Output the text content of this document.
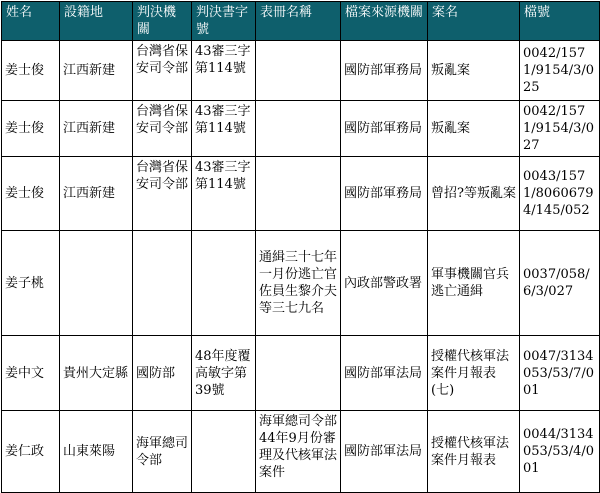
姓名	設籍地	判決機關	判決書字號	表冊名稱	檔案來源機關	案名	檔號
姜士俊	江西新建	台灣省保安司令部	43審三字第114號		國防部軍務局	叛亂案	0042/1571/9154/3/025
姜士俊	江西新建	台灣省保安司令部	43審三字第114號		國防部軍務局	叛亂案	0042/1571/9154/3/027
姜士俊	江西新建	台灣省保安司令部	43審三字第114號		國防部軍務局	曾招?等叛亂案	0043/1571/80606794/145/052
姜子桃				通緝三十七年一月份逃亡官佐員生黎介夫等三七九名	內政部警政署	軍事機關官兵逃亡通緝	0037/058/6/3/027
姜中文	貴州大定縣	國防部	48年度覆高敏字第39號		國防部軍法局	授權代核軍法案件月報表(七)	0047/3134053/53/7/001
姜仁政	山東萊陽	海軍總司令部		海軍總司令部44年9月份審理及代核軍法案件	國防部軍法局	授權代核軍法案件月報表	0044/3134053/53/4/001
